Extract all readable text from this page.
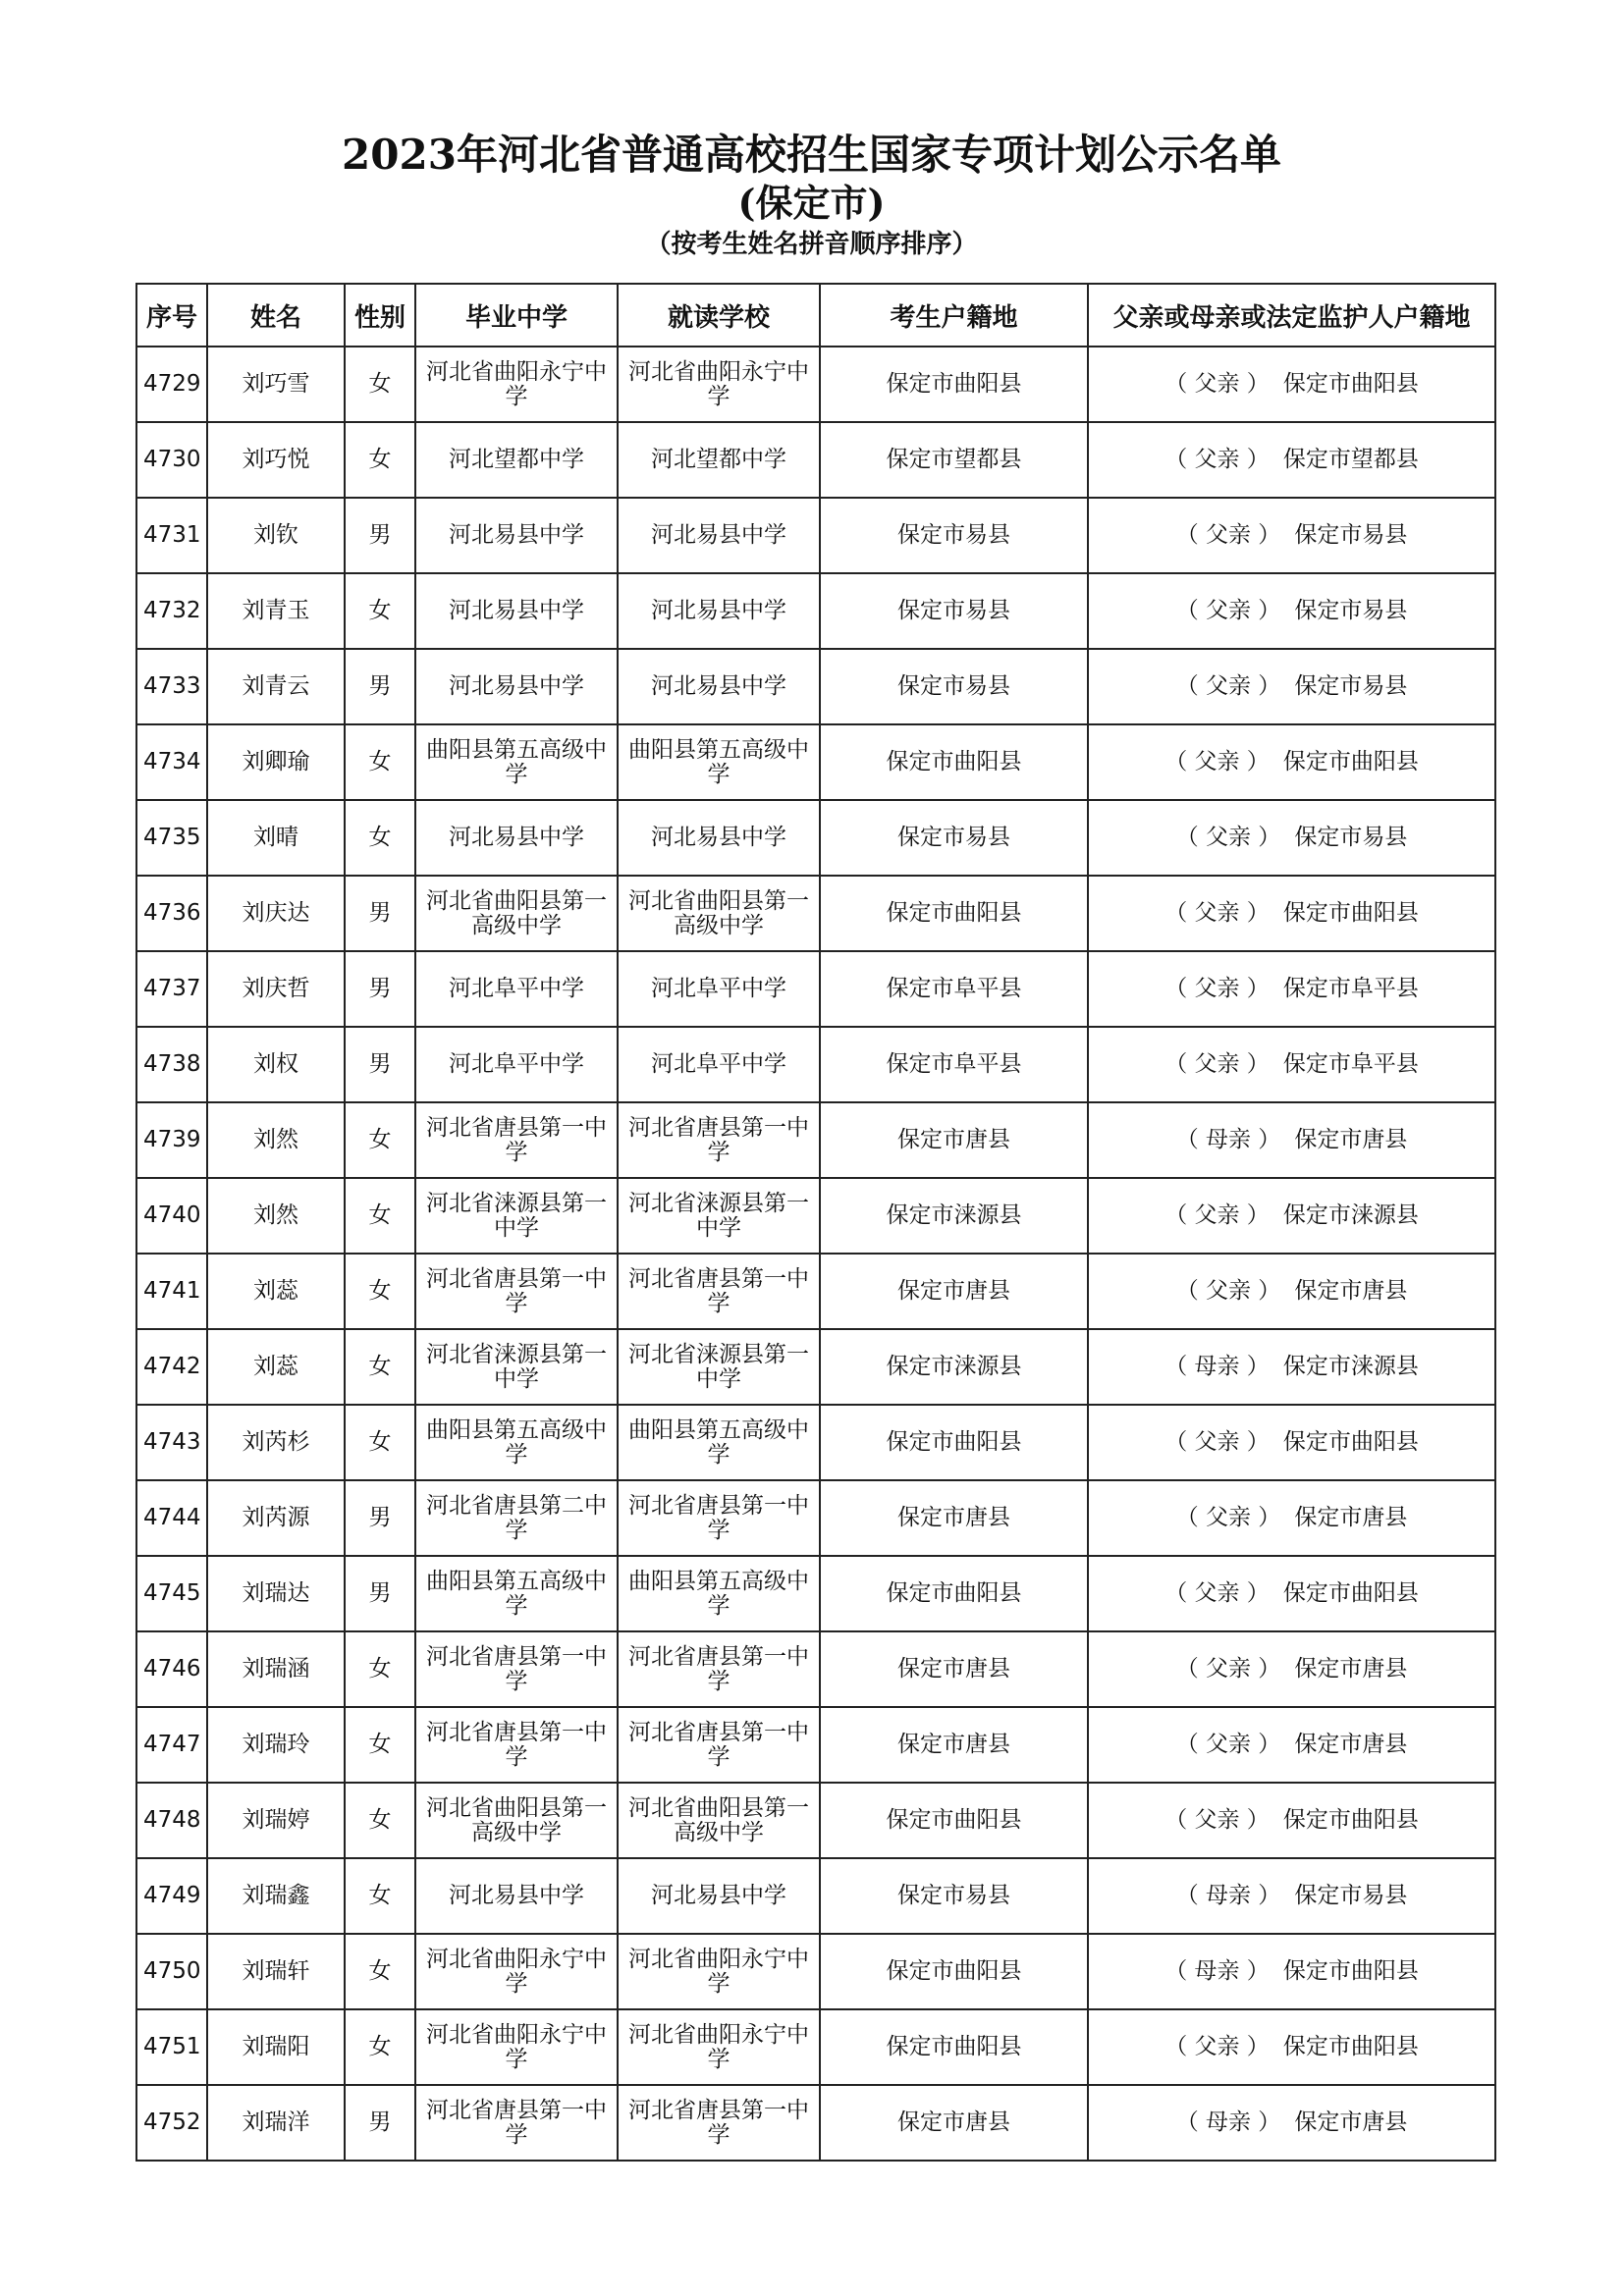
2023年河北省普通高校招生国家专项计划公示名单
(保定市)
（按考生姓名拼音顺序排序）
序号	姓名	性别	毕业中学	就读学校	考生户籍地	父亲或母亲或法定监护人户籍地
4729	刘巧雪	女	河北省曲阳永宁中学	河北省曲阳永宁中学	保定市曲阳县	（ 父亲 ） 保定市曲阳县
4730	刘巧悦	女	河北望都中学	河北望都中学	保定市望都县	（ 父亲 ） 保定市望都县
4731	刘钦	男	河北易县中学	河北易县中学	保定市易县	（ 父亲 ） 保定市易县
4732	刘青玉	女	河北易县中学	河北易县中学	保定市易县	（ 父亲 ） 保定市易县
4733	刘青云	男	河北易县中学	河北易县中学	保定市易县	（ 父亲 ） 保定市易县
4734	刘卿瑜	女	曲阳县第五高级中学	曲阳县第五高级中学	保定市曲阳县	（ 父亲 ） 保定市曲阳县
4735	刘晴	女	河北易县中学	河北易县中学	保定市易县	（ 父亲 ） 保定市易县
4736	刘庆达	男	河北省曲阳县第一高级中学	河北省曲阳县第一高级中学	保定市曲阳县	（ 父亲 ） 保定市曲阳县
4737	刘庆哲	男	河北阜平中学	河北阜平中学	保定市阜平县	（ 父亲 ） 保定市阜平县
4738	刘权	男	河北阜平中学	河北阜平中学	保定市阜平县	（ 父亲 ） 保定市阜平县
4739	刘然	女	河北省唐县第一中学	河北省唐县第一中学	保定市唐县	（ 母亲 ） 保定市唐县
4740	刘然	女	河北省涞源县第一中学	河北省涞源县第一中学	保定市涞源县	（ 父亲 ） 保定市涞源县
4741	刘蕊	女	河北省唐县第一中学	河北省唐县第一中学	保定市唐县	（ 父亲 ） 保定市唐县
4742	刘蕊	女	河北省涞源县第一中学	河北省涞源县第一中学	保定市涞源县	（ 母亲 ） 保定市涞源县
4743	刘芮杉	女	曲阳县第五高级中学	曲阳县第五高级中学	保定市曲阳县	（ 父亲 ） 保定市曲阳县
4744	刘芮源	男	河北省唐县第二中学	河北省唐县第一中学	保定市唐县	（ 父亲 ） 保定市唐县
4745	刘瑞达	男	曲阳县第五高级中学	曲阳县第五高级中学	保定市曲阳县	（ 父亲 ） 保定市曲阳县
4746	刘瑞涵	女	河北省唐县第一中学	河北省唐县第一中学	保定市唐县	（ 父亲 ） 保定市唐县
4747	刘瑞玲	女	河北省唐县第一中学	河北省唐县第一中学	保定市唐县	（ 父亲 ） 保定市唐县
4748	刘瑞婷	女	河北省曲阳县第一高级中学	河北省曲阳县第一高级中学	保定市曲阳县	（ 父亲 ） 保定市曲阳县
4749	刘瑞鑫	女	河北易县中学	河北易县中学	保定市易县	（ 母亲 ） 保定市易县
4750	刘瑞轩	女	河北省曲阳永宁中学	河北省曲阳永宁中学	保定市曲阳县	（ 母亲 ） 保定市曲阳县
4751	刘瑞阳	女	河北省曲阳永宁中学	河北省曲阳永宁中学	保定市曲阳县	（ 父亲 ） 保定市曲阳县
4752	刘瑞洋	男	河北省唐县第一中学	河北省唐县第一中学	保定市唐县	（ 母亲 ） 保定市唐县
